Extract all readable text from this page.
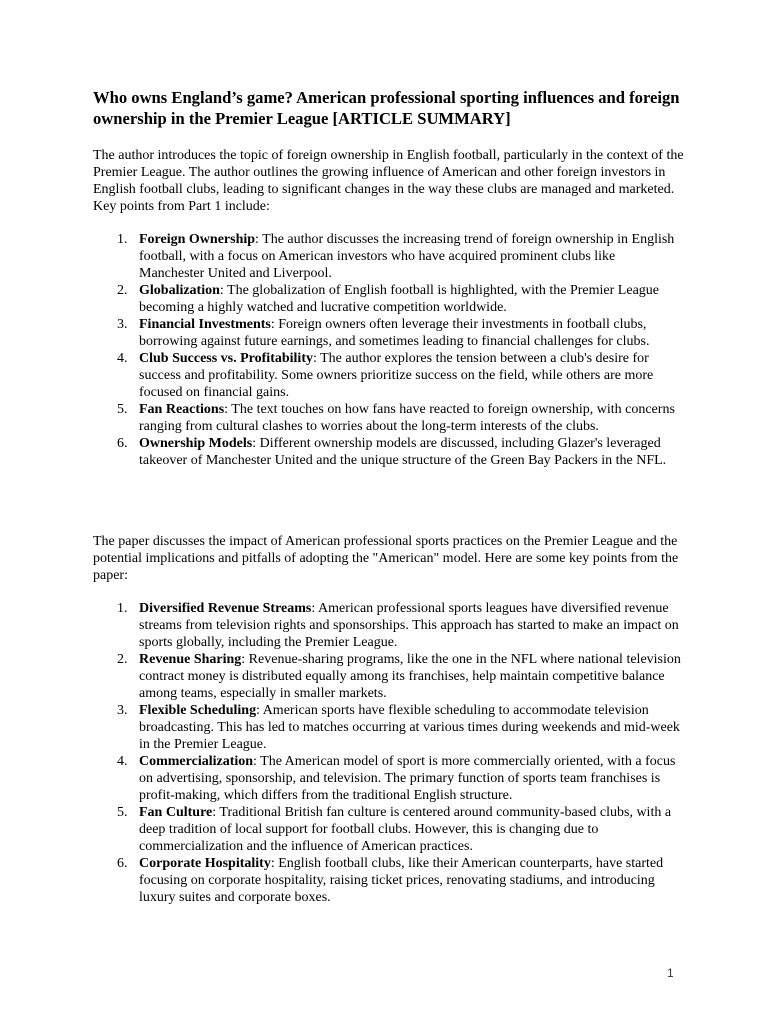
Who owns England’s game? American professional sporting influences and foreign ownership in the Premier League [ARTICLE SUMMARY]

The author introduces the topic of foreign ownership in English football, particularly in the context of the Premier League. The author outlines the growing influence of American and other foreign investors in English football clubs, leading to significant changes in the way these clubs are managed and marketed. Key points from Part 1 include:

1. Foreign Ownership: The author discusses the increasing trend of foreign ownership in English football, with a focus on American investors who have acquired prominent clubs like Manchester United and Liverpool.
2. Globalization: The globalization of English football is highlighted, with the Premier League becoming a highly watched and lucrative competition worldwide.
3. Financial Investments: Foreign owners often leverage their investments in football clubs, borrowing against future earnings, and sometimes leading to financial challenges for clubs.
4. Club Success vs. Profitability: The author explores the tension between a club's desire for success and profitability. Some owners prioritize success on the field, while others are more focused on financial gains.
5. Fan Reactions: The text touches on how fans have reacted to foreign ownership, with concerns ranging from cultural clashes to worries about the long-term interests of the clubs.
6. Ownership Models: Different ownership models are discussed, including Glazer's leveraged takeover of Manchester United and the unique structure of the Green Bay Packers in the NFL.

The paper discusses the impact of American professional sports practices on the Premier League and the potential implications and pitfalls of adopting the "American" model. Here are some key points from the paper:

1. Diversified Revenue Streams: American professional sports leagues have diversified revenue streams from television rights and sponsorships. This approach has started to make an impact on sports globally, including the Premier League.
2. Revenue Sharing: Revenue-sharing programs, like the one in the NFL where national television contract money is distributed equally among its franchises, help maintain competitive balance among teams, especially in smaller markets.
3. Flexible Scheduling: American sports have flexible scheduling to accommodate television broadcasting. This has led to matches occurring at various times during weekends and mid-week in the Premier League.
4. Commercialization: The American model of sport is more commercially oriented, with a focus on advertising, sponsorship, and television. The primary function of sports team franchises is profit-making, which differs from the traditional English structure.
5. Fan Culture: Traditional British fan culture is centered around community-based clubs, with a deep tradition of local support for football clubs. However, this is changing due to commercialization and the influence of American practices.
6. Corporate Hospitality: English football clubs, like their American counterparts, have started focusing on corporate hospitality, raising ticket prices, renovating stadiums, and introducing luxury suites and corporate boxes.
1
